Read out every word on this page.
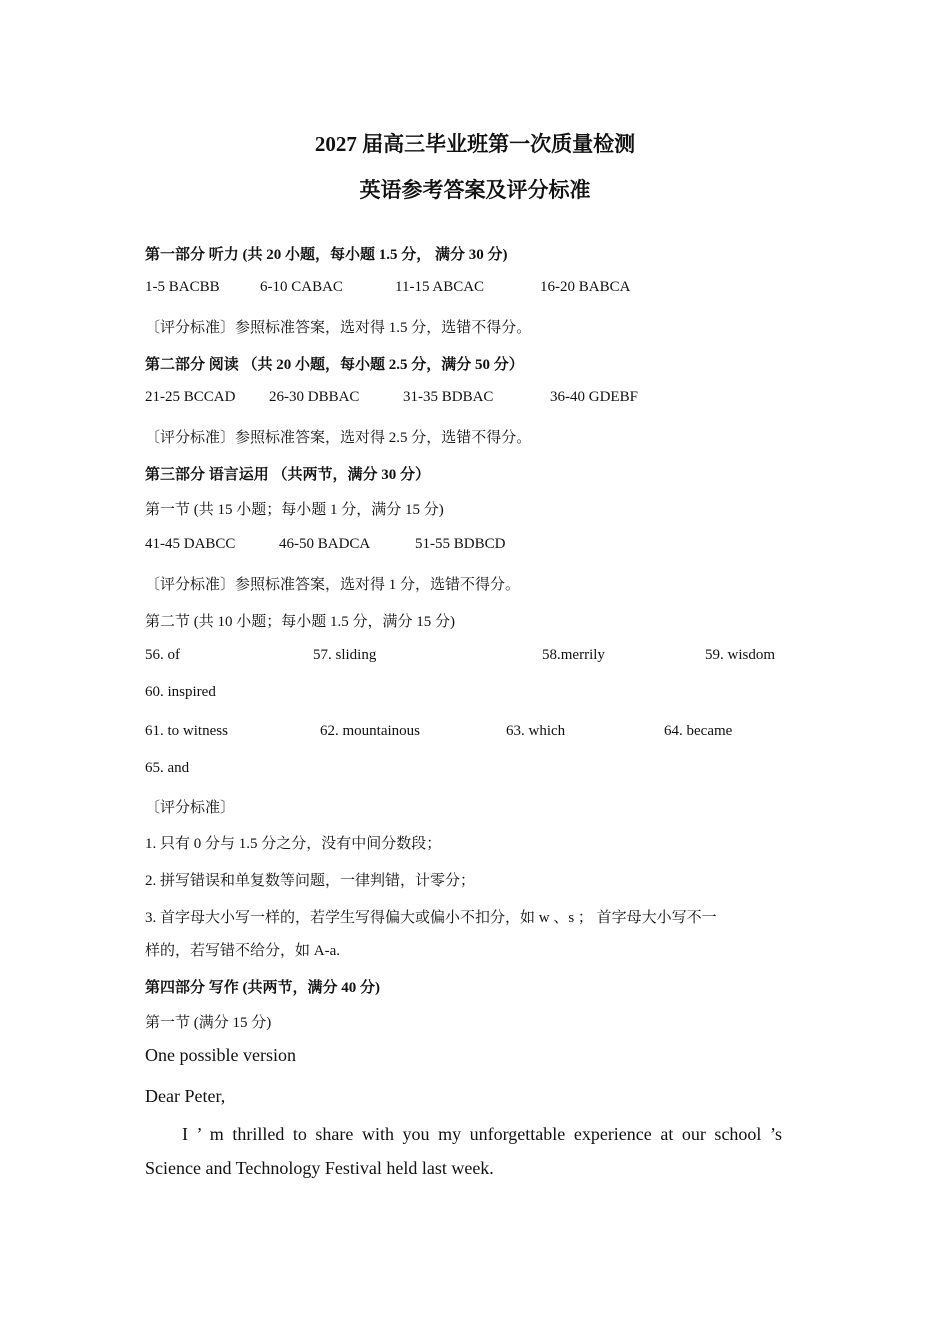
2027 届高三毕业班第一次质量检测
英语参考答案及评分标准
第一部分 听力 (共 20 小题，每小题 1.5 分， 满分 30 分)
1-5 BACBB	6-10 CABAC	11-15 ABCAC	16-20 BABCA
〔评分标准〕参照标准答案，选对得 1.5 分，选错不得分。
第二部分 阅读 （共 20 小题，每小题 2.5 分，满分 50 分）
21-25 BCCAD 26-30 DBBAC	31-35 BDBAC	36-40 GDEBF
〔评分标准〕参照标准答案，选对得 2.5 分，选错不得分。
第三部分 语言运用 （共两节，满分 30 分）
第一节 (共 15 小题；每小题 1 分，满分 15 分)
41-45 DABCC	46-50 BADCA	51-55 BDBCD
〔评分标准〕参照标准答案，选对得 1 分，选错不得分。
第二节 (共 10 小题；每小题 1.5 分，满分 15 分)
56. of	57. sliding	58.merrily	59. wisdom
60. inspired
61. to witness	62. mountainous	63. which	64. became
65. and
〔评分标准〕
1. 只有 0 分与 1.5 分之分，没有中间分数段；
2. 拼写错误和单复数等问题，一律判错，计零分；
3. 首字母大小写一样的，若学生写得偏大或偏小不扣分，如 w 、s ； 首字母大小写不一
样的，若写错不给分，如 A-a.
第四部分 写作 (共两节，满分 40 分)
第一节 (满分 15 分)
One possible version
Dear Peter,
I ’ m thrilled to share with you my unforgettable experience at our school ’s Science and Technology Festival held last week.
